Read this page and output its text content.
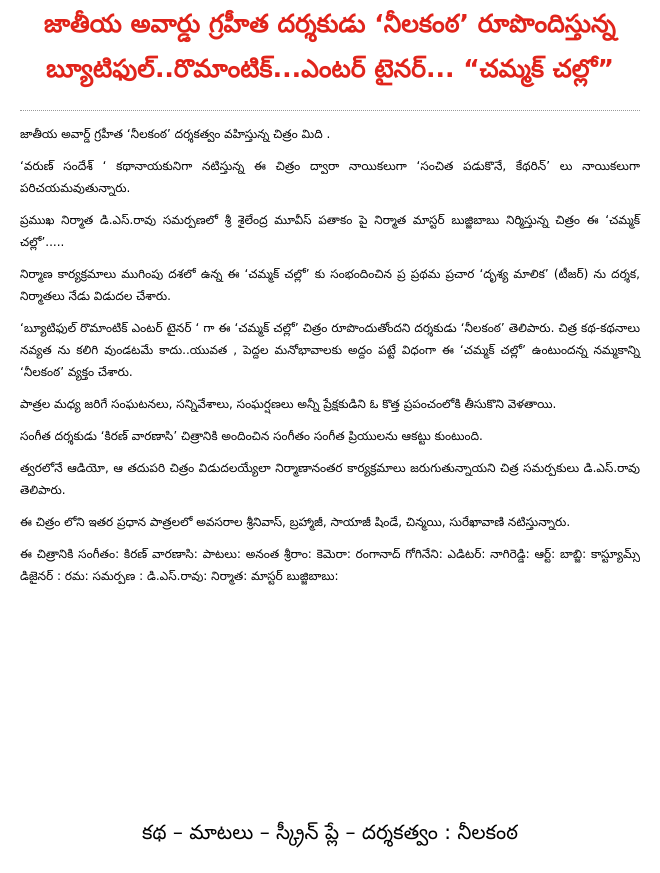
జాతీయ అవార్డు గ్రహీత దర్శకుడు ‘నీలకంఠ’ రూపొందిస్తున్న
బ్యూటిఫుల్..రొమాంటిక్...ఎంటర్ టైనర్... “చమ్మక్ చల్లో”

జాతీయ అవార్డ్ గ్రహీత ‘నీలకంఠ’ దర్శకత్వం వహిస్తున్న చిత్రం మిది .

‘వరుణ్ సందేశ్ ‘ కథానాయకునిగా నటిస్తున్న ఈ చిత్రం ద్వారా నాయికలుగా ‘సంచిత పడుకొనే, కేథరిన్’ లు నాయికలుగా పరిచయమవుతున్నారు.

ప్రముఖ నిర్మాత డి.ఎస్.రావు సమర్పణలో శ్రీ శైలేంద్ర మూవీస్ పతాకం పై నిర్మాత మాస్టర్ బుజ్జిబాబు నిర్మిస్తున్న చిత్రం ఈ ‘చమ్మక్ చల్లో’.....

నిర్మాణ కార్యక్రమాలు ముగింపు దశలో ఉన్న ఈ ‘చమ్మక్ చల్లో’ కు సంభందించిన ప్ర ప్రథమ ప్రచార ‘దృశ్య మాలిక’ (టీజర్) ను దర్శక, నిర్మాతలు నేడు విడుదల చేశారు.

‘బ్యూటిఫుల్ రొమాంటిక్ ఎంటర్ టైనర్ ‘ గా ఈ ‘చమ్మక్ చల్లో’ చిత్రం రూపొందుతోందని దర్శకుడు ‘నీలకంఠ’ తెలిపారు. చిత్ర కథ-కథనాలు నవ్యత ను కలిగి వుండటమే కాదు..యువత , పెద్దల మనోభావాలకు అద్దం పట్టే విధంగా ఈ ‘చమ్మక్ చల్లో’ ఉంటుందన్న నమ్మకాన్ని ‘నీలకంఠ’ వ్యక్తం చేశారు.

పాత్రల మధ్య జరిగే సంఘటనలు, సన్నివేశాలు, సంఘర్షణలు అన్నీ ప్రేక్షకుడిని ఓ కొత్త ప్రపంచంలోకి తీసుకొని వెళతాయి.

సంగీత దర్శకుడు ‘కిరణ్ వారణాసి’ చిత్రానికి అందించిన సంగీతం సంగీత ప్రియులను ఆకట్టు కుంటుంది.

త్వరలోనే ఆడియో, ఆ తదుపరి చిత్రం విడుదలయ్యేలా నిర్మాణానంతర కార్యక్రమాలు జరుగుతున్నాయని చిత్ర సమర్పకులు డి.ఎస్.రావు తెలిపారు.

ఈ చిత్రం లోని ఇతర ప్రధాన పాత్రలలో అవసరాల శ్రీనివాస్, బ్రహ్మాజీ, సాయాజీ షిండే, చిన్మయి, సురేఖావాణి నటిస్తున్నారు.

ఈ చిత్రానికి సంగీతం: కిరణ్ వారణాసి: పాటలు: అనంత శ్రీరాం: కెమెరా: రంగానాద్ గోగినేని: ఎడిటర్: నాగిరెడ్డి: ఆర్ట్: బాబ్జి: కాస్ట్యూమ్స్ డిజైనర్ : రమ: సమర్పణ : డి.ఎస్.రావు: నిర్మాత: మాస్టర్ బుజ్జిబాబు:

కథ – మాటలు – స్క్రీన్ ప్లే – దర్శకత్వం : నీలకంఠ
